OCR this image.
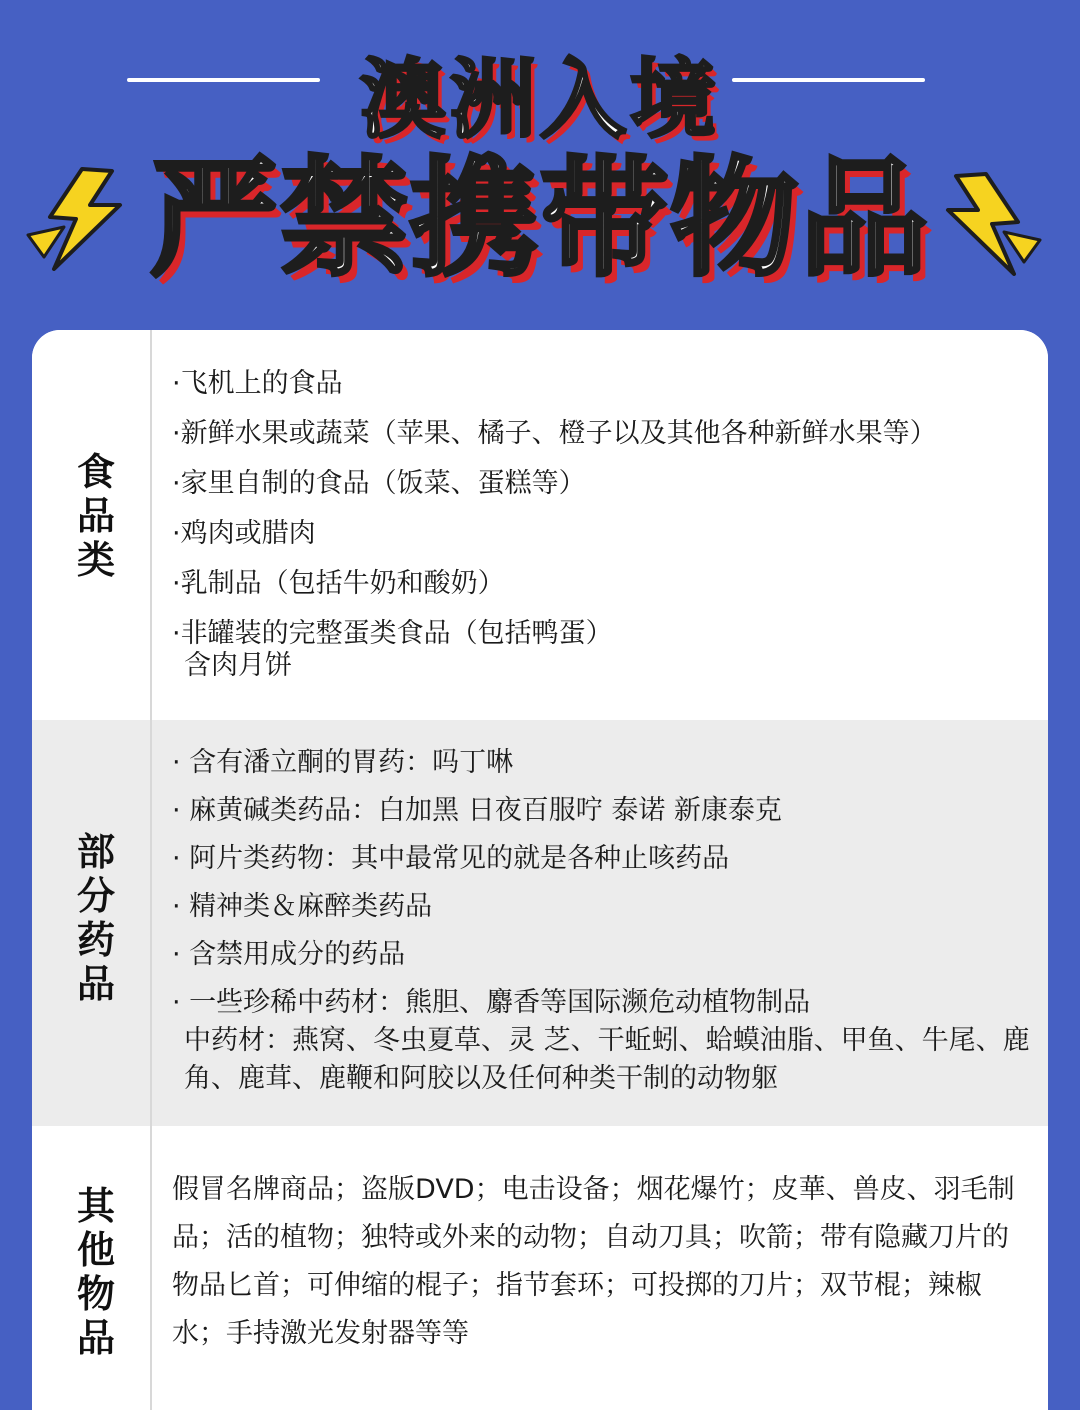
澳洲入境
严禁携带物品
食品类
·飞机上的食品
·新鲜水果或蔬菜（苹果、橘子、橙子以及其他各种新鲜水果等）
·家里自制的食品（饭菜、蛋糕等）
·鸡肉或腊肉
·乳制品（包括牛奶和酸奶）
·非罐装的完整蛋类食品（包括鸭蛋）
含肉月饼
部分药品
· 含有潘立酮的胃药：吗丁啉
· 麻黄碱类药品：白加黑 日夜百服咛 泰诺 新康泰克
· 阿片类药物：其中最常见的就是各种止咳药品
· 精神类＆麻醉类药品
· 含禁用成分的药品
· 一些珍稀中药材：熊胆、麝香等国际濒危动植物制品
中药材：燕窝、冬虫夏草、灵 芝、干蚯蚓、蛤蟆油脂、甲鱼、牛尾、鹿角、鹿茸、鹿鞭和阿胶以及任何种类干制的动物躯
其他物品
假冒名牌商品；盗版DVD；电击设备；烟花爆竹；皮華、兽皮、羽毛制品；活的植物；独特或外来的动物；自动刀具；吹箭；带有隐藏刀片的物品匕首；可伸缩的棍子；指节套环；可投掷的刀片；双节棍；辣椒水；手持激光发射器等等
